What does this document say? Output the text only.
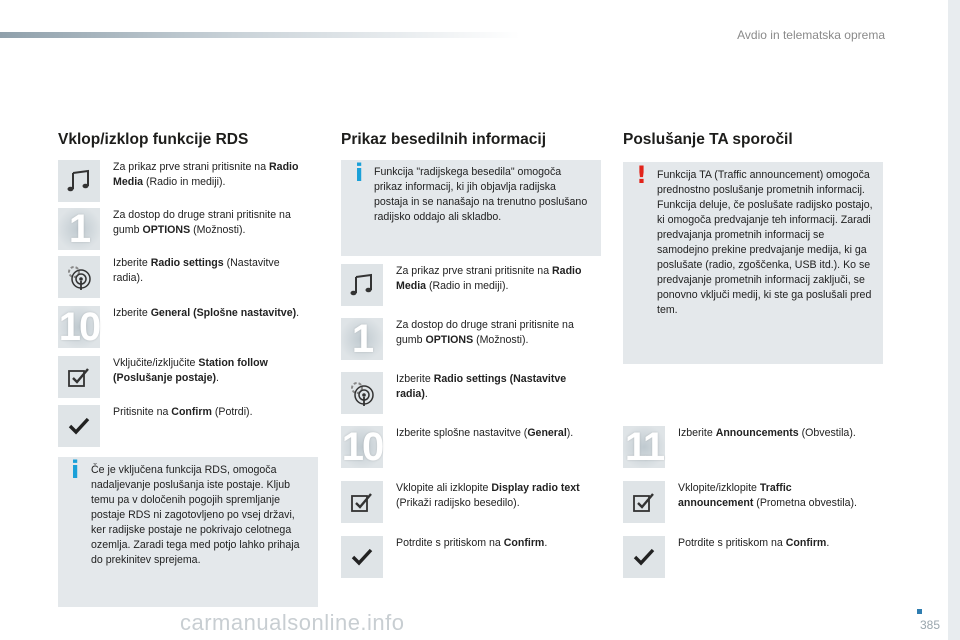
Avdio in telematska oprema
Vklop/izklop funkcije RDS
Za prikaz prve strani pritisnite na Radio Media (Radio in mediji).
1	Za dostop do druge strani pritisnite na gumb OPTIONS (Možnosti).
Izberite Radio settings (Nastavitve radia).
10 Izberite General (Splošne nastavitve).
Vključite/izključite Station follow (Poslušanje postaje).
Pritisnite na Confirm (Potrdi).
i Če je vključena funkcija RDS, omogoča nadaljevanje poslušanja iste postaje. Kljub temu pa v določenih pogojih spremljanje postaje RDS ni zagotovljeno po vsej državi, ker radijske postaje ne pokrivajo celotnega ozemlja. Zaradi tega med potjo lahko prihaja do prekinitev sprejema.
Prikaz besedilnih informacij
i Funkcija "radijskega besedila" omogoča prikaz informacij, ki jih objavlja radijska postaja in se nanašajo na trenutno poslušano radijsko oddajo ali skladbo.
Za prikaz prve strani pritisnite na Radio Media (Radio in mediji).
1	Za dostop do druge strani pritisnite na gumb OPTIONS (Možnosti).
Izberite Radio settings (Nastavitve radia).
10 Izberite splošne nastavitve (General).
Vklopite ali izklopite Display radio text (Prikaži radijsko besedilo).
Potrdite s pritiskom na Confirm.
Poslušanje TA sporočil
! Funkcija TA (Traffic announcement) omogoča prednostno poslušanje prometnih informacij. Funkcija deluje, če poslušate radijsko postajo, ki omogoča predvajanje teh informacij. Zaradi predvajanja prometnih informacij se samodejno prekine predvajanje medija, ki ga poslušate (radio, zgoščenka, USB itd.). Ko se predvajanje prometnih informacij zaključi, se ponovno vključi medij, ki ste ga poslušali pred tem.
11 Izberite Announcements (Obvestila).
Vklopite/izklopite Traffic announcement (Prometna obvestila).
Potrdite s pritiskom na Confirm.
385
carmanualsonline.info
